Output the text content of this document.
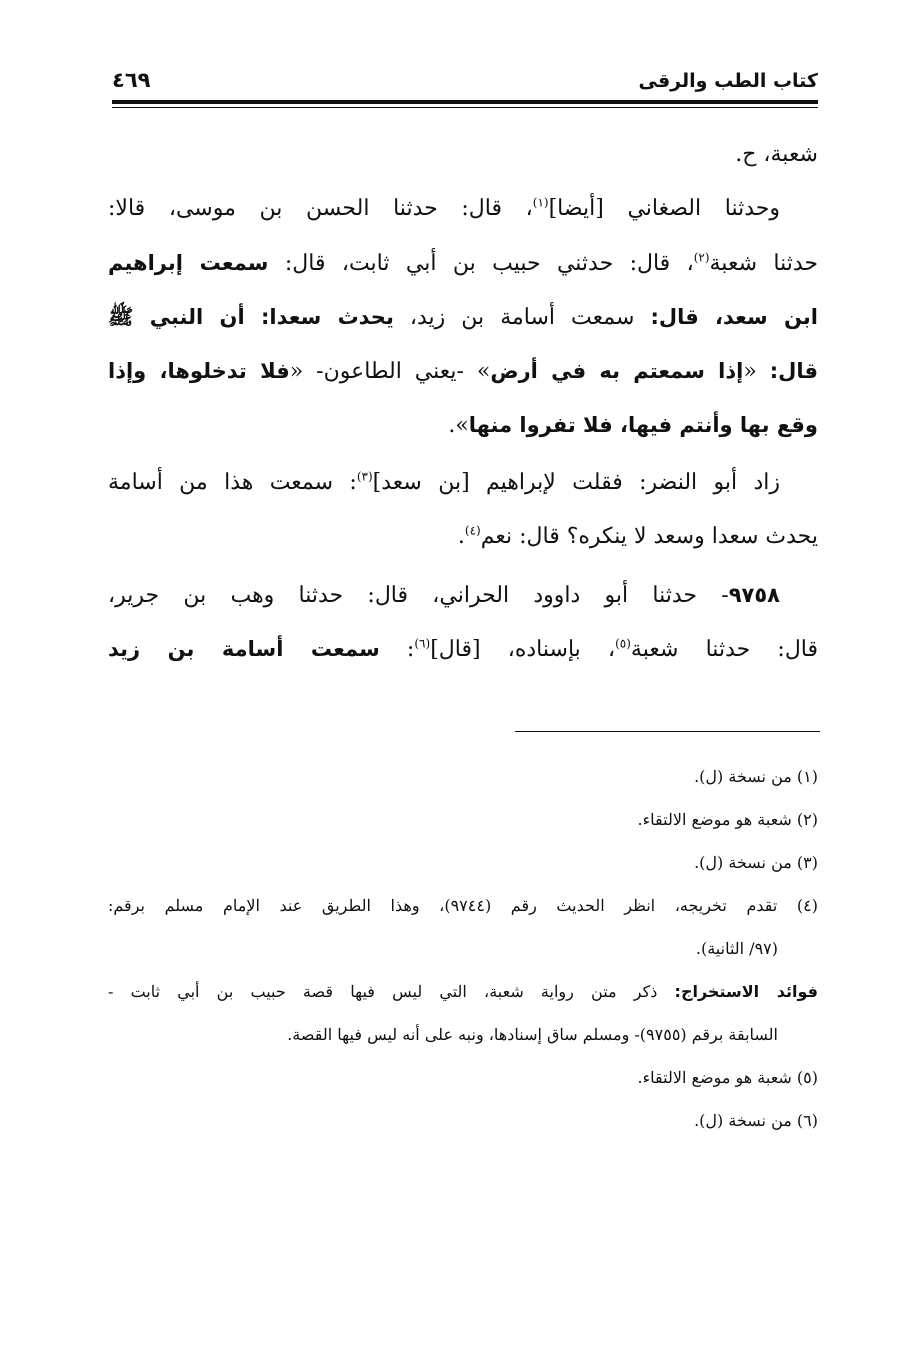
كتاب الطب والرقى
٤٦٩
شعبة، ح.
وحدثنا الصغاني [أيضا]$^{(١)}$، قال: حدثنا الحسن بن موسى، قالا:
حدثنا شعبة$^{(٢)}$، قال: حدثني حبيب بن أبي ثابت، قال: سمعت إبراهيم
ابن سعد، قال: سمعت أسامة بن زيد، يحدث سعدا: أن النبي ﷺ
قال: «إذا سمعتم به في أرض» -يعني الطاعون- «فلا تدخلوها، وإذا
وقع بها وأنتم فيها، فلا تفروا منها».
زاد أبو النضر: فقلت لإبراهيم [بن سعد]$^{(٣)}$: سمعت هذا من أسامة
يحدث سعدا وسعد لا ينكره؟ قال: نعم$^{(٤)}$.
٩٧٥٨- حدثنا أبو داوود الحراني، قال: حدثنا وهب بن جرير،
قال: حدثنا شعبة$^{(٥)}$، بإسناده، [قال]$^{(٦)}$: سمعت أسامة بن زيد
(١) من نسخة (ل).
(٢) شعبة هو موضع الالتقاء.
(٣) من نسخة (ل).
(٤) تقدم تخريجه، انظر الحديث رقم (٩٧٤٤)، وهذا الطريق عند الإمام مسلم برقم:
(٩٧/ الثانية).
فوائد الاستخراج: ذكر متن رواية شعبة، التي ليس فيها قصة حبيب بن أبي ثابت -
السابقة برقم (٩٧٥٥)- ومسلم ساق إسنادها، ونبه على أنه ليس فيها القصة.
(٥) شعبة هو موضع الالتقاء.
(٦) من نسخة (ل).
